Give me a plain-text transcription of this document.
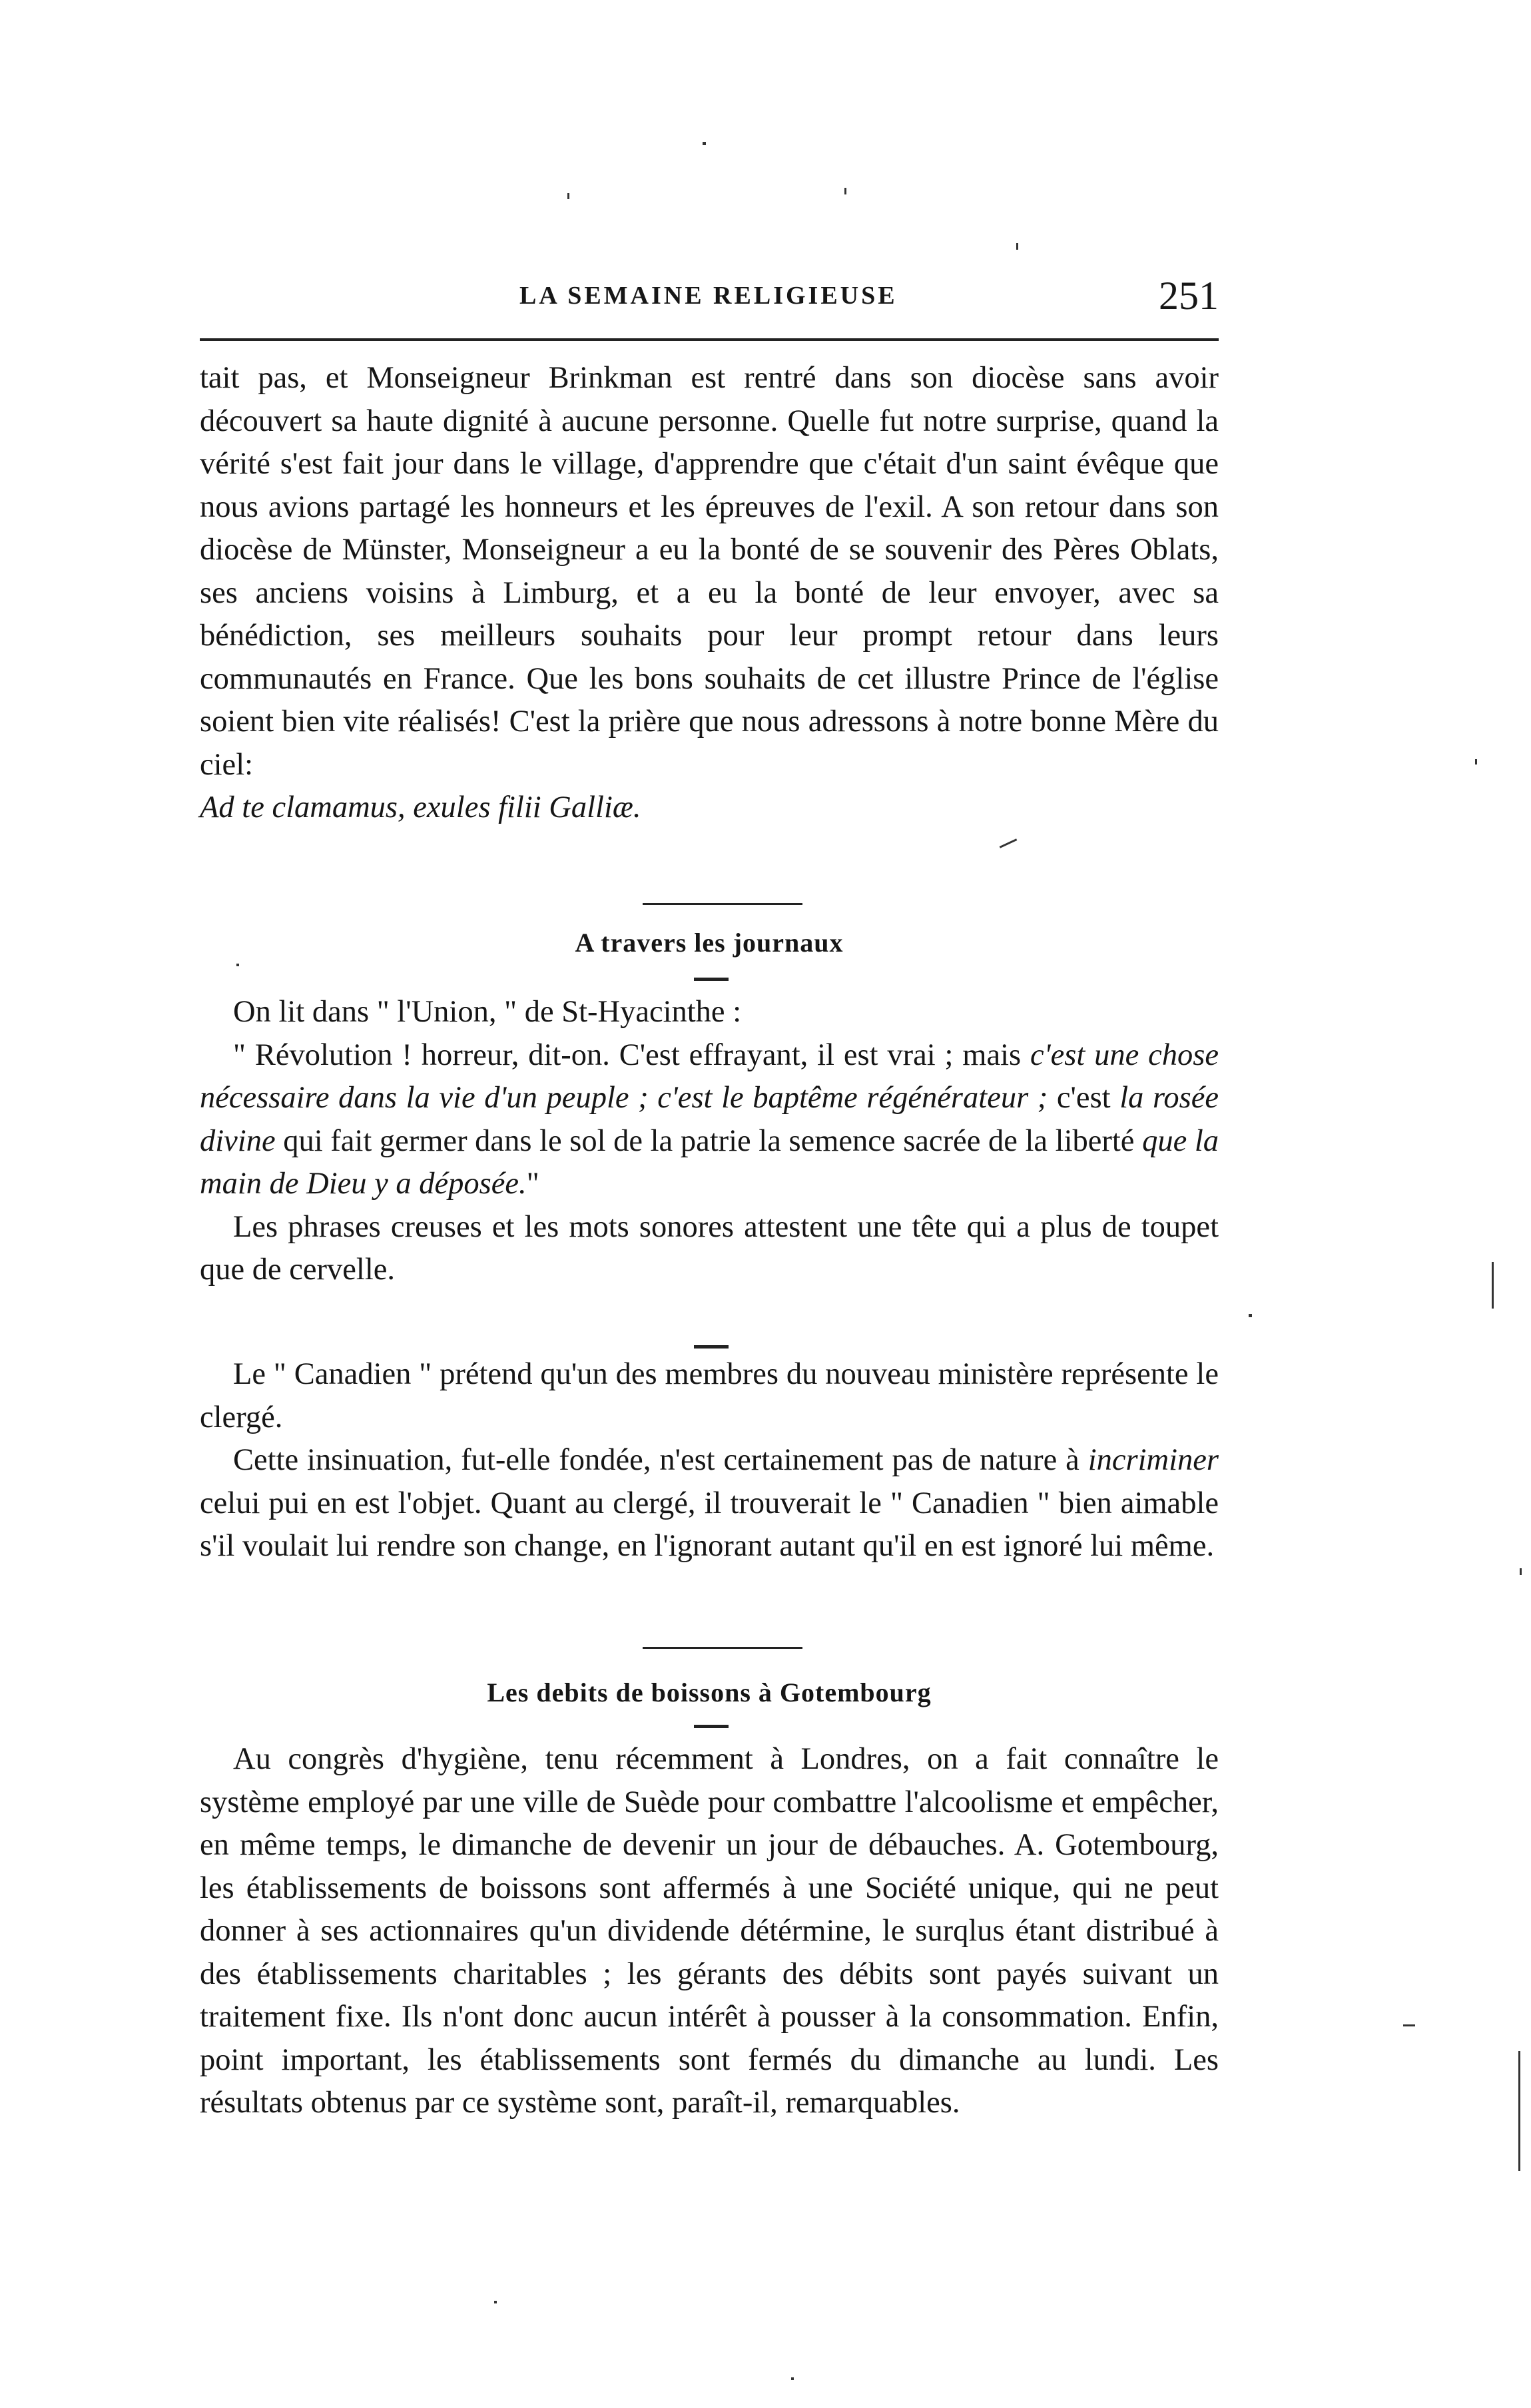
LA SEMAINE RELIGIEUSE	251

tait pas, et Monseigneur Brinkman est rentré dans son diocèse sans avoir découvert sa haute dignité à aucune personne. Quelle fut notre surprise, quand la vérité s'est fait jour dans le village, d'apprendre que c'était d'un saint évêque que nous avions partagé les honneurs et les épreuves de l'exil. A son retour dans son diocèse de Münster, Monseigneur a eu la bonté de se souvenir des Pères Oblats, ses anciens voisins à Limburg, et a eu la bonté de leur envoyer, avec sa bénédiction, ses meilleurs souhaits pour leur prompt retour dans leurs communautés en France. Que les bons souhaits de cet illustre Prince de l'église soient bien vite réalisés! C'est la prière que nous adressons à notre bonne Mère du ciel:

Ad te clamamus, exules filii Galliæ.

A travers les journaux

On lit dans " l'Union, " de St-Hyacinthe :

" Révolution ! horreur, dit-on. C'est effrayant, il est vrai ; mais c'est une chose nécessaire dans la vie d'un peuple ; c'est le baptême régénérateur ; c'est la rosée divine qui fait germer dans le sol de la patrie la semence sacrée de la liberté que la main de Dieu y a déposée."

Les phrases creuses et les mots sonores attestent une tête qui a plus de toupet que de cervelle.

Le " Canadien " prétend qu'un des membres du nouveau ministère représente le clergé.

Cette insinuation, fut-elle fondée, n'est certainement pas de nature à incriminer celui pui en est l'objet. Quant au clergé, il trouverait le " Canadien " bien aimable s'il voulait lui rendre son change, en l'ignorant autant qu'il en est ignoré lui même.

Les debits de boissons à Gotembourg

Au congrès d'hygiène, tenu récemment à Londres, on a fait connaître le système employé par une ville de Suède pour combattre l'alcoolisme et empêcher, en même temps, le dimanche de devenir un jour de débauches. A. Gotembourg, les établissements de boissons sont affermés à une Société unique, qui ne peut donner à ses actionnaires qu'un dividende détérmine, le surqlus étant distribué à des établissements charitables ; les gérants des débits sont payés suivant un traitement fixe. Ils n'ont donc aucun intérêt à pousser à la consommation. Enfin, point important, les établissements sont fermés du dimanche au lundi. Les résultats obtenus par ce système sont, paraît-il, remarquables.
